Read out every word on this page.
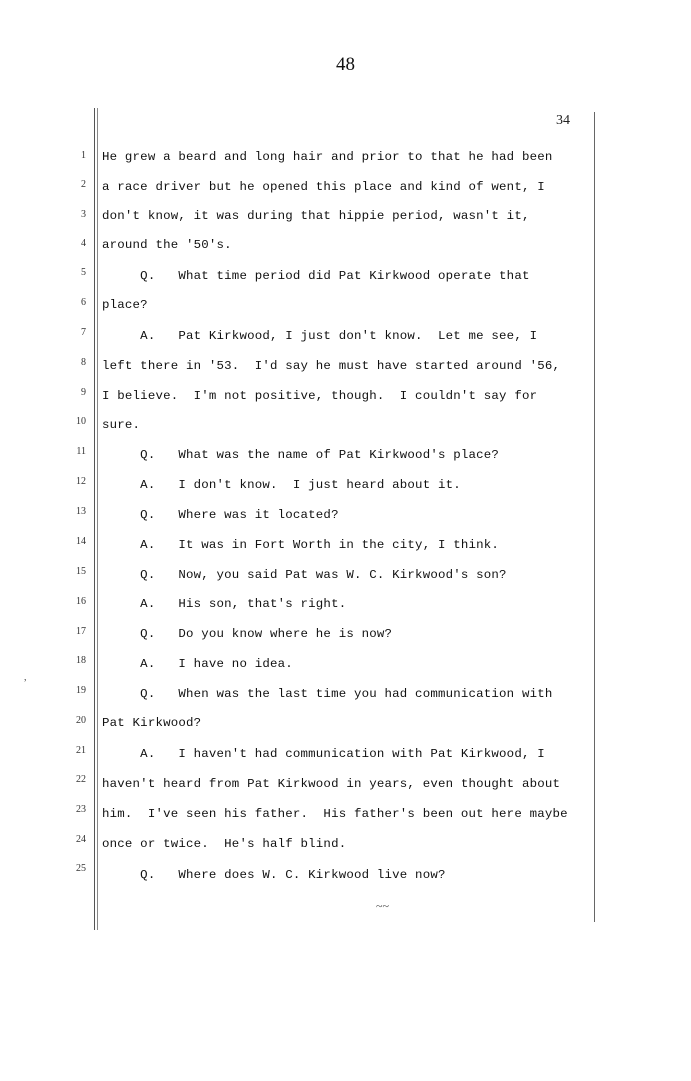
48
34
,
1
2
3
4
5
6
7
8
9
10
11
12
13
14
15
16
17
18
19
20
21
22
23
24
25

He grew a beard and long hair and prior to that he had been

a race driver but he opened this place and kind of went, I

don't know, it was during that hippie period, wasn't it,

around the '50's.

Q.   What time period did Pat Kirkwood operate that

place?

A.   Pat Kirkwood, I just don't know.  Let me see, I

left there in '53.  I'd say he must have started around '56,

I believe.  I'm not positive, though.  I couldn't say for

sure.

Q.   What was the name of Pat Kirkwood's place?

A.   I don't know.  I just heard about it.

Q.   Where was it located?

A.   It was in Fort Worth in the city, I think.

Q.   Now, you said Pat was W. C. Kirkwood's son?

A.   His son, that's right.

Q.   Do you know where he is now?

A.   I have no idea.

Q.   When was the last time you had communication with

Pat Kirkwood?

A.   I haven't had communication with Pat Kirkwood, I

haven't heard from Pat Kirkwood in years, even thought about

him.  I've seen his father.  His father's been out here maybe

once or twice.  He's half blind.

Q.   Where does W. C. Kirkwood live now?

~~
